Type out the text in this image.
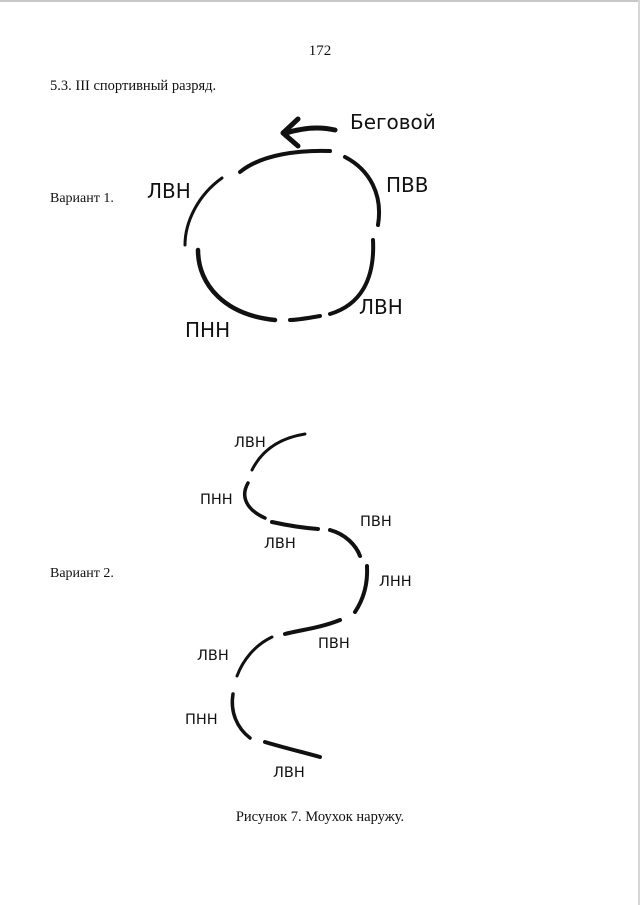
172
5.3. III спортивный разряд.
Вариант 1.
Вариант 2.
Беговой
ЛВН	ПВВ
ЛВН
ПНН
ЛВН
ПНН
ЛВН
ПВН
ЛНН
ПВН
ЛВН
ПНН
ЛВН
Рисунок 7. Моухок наружу.
